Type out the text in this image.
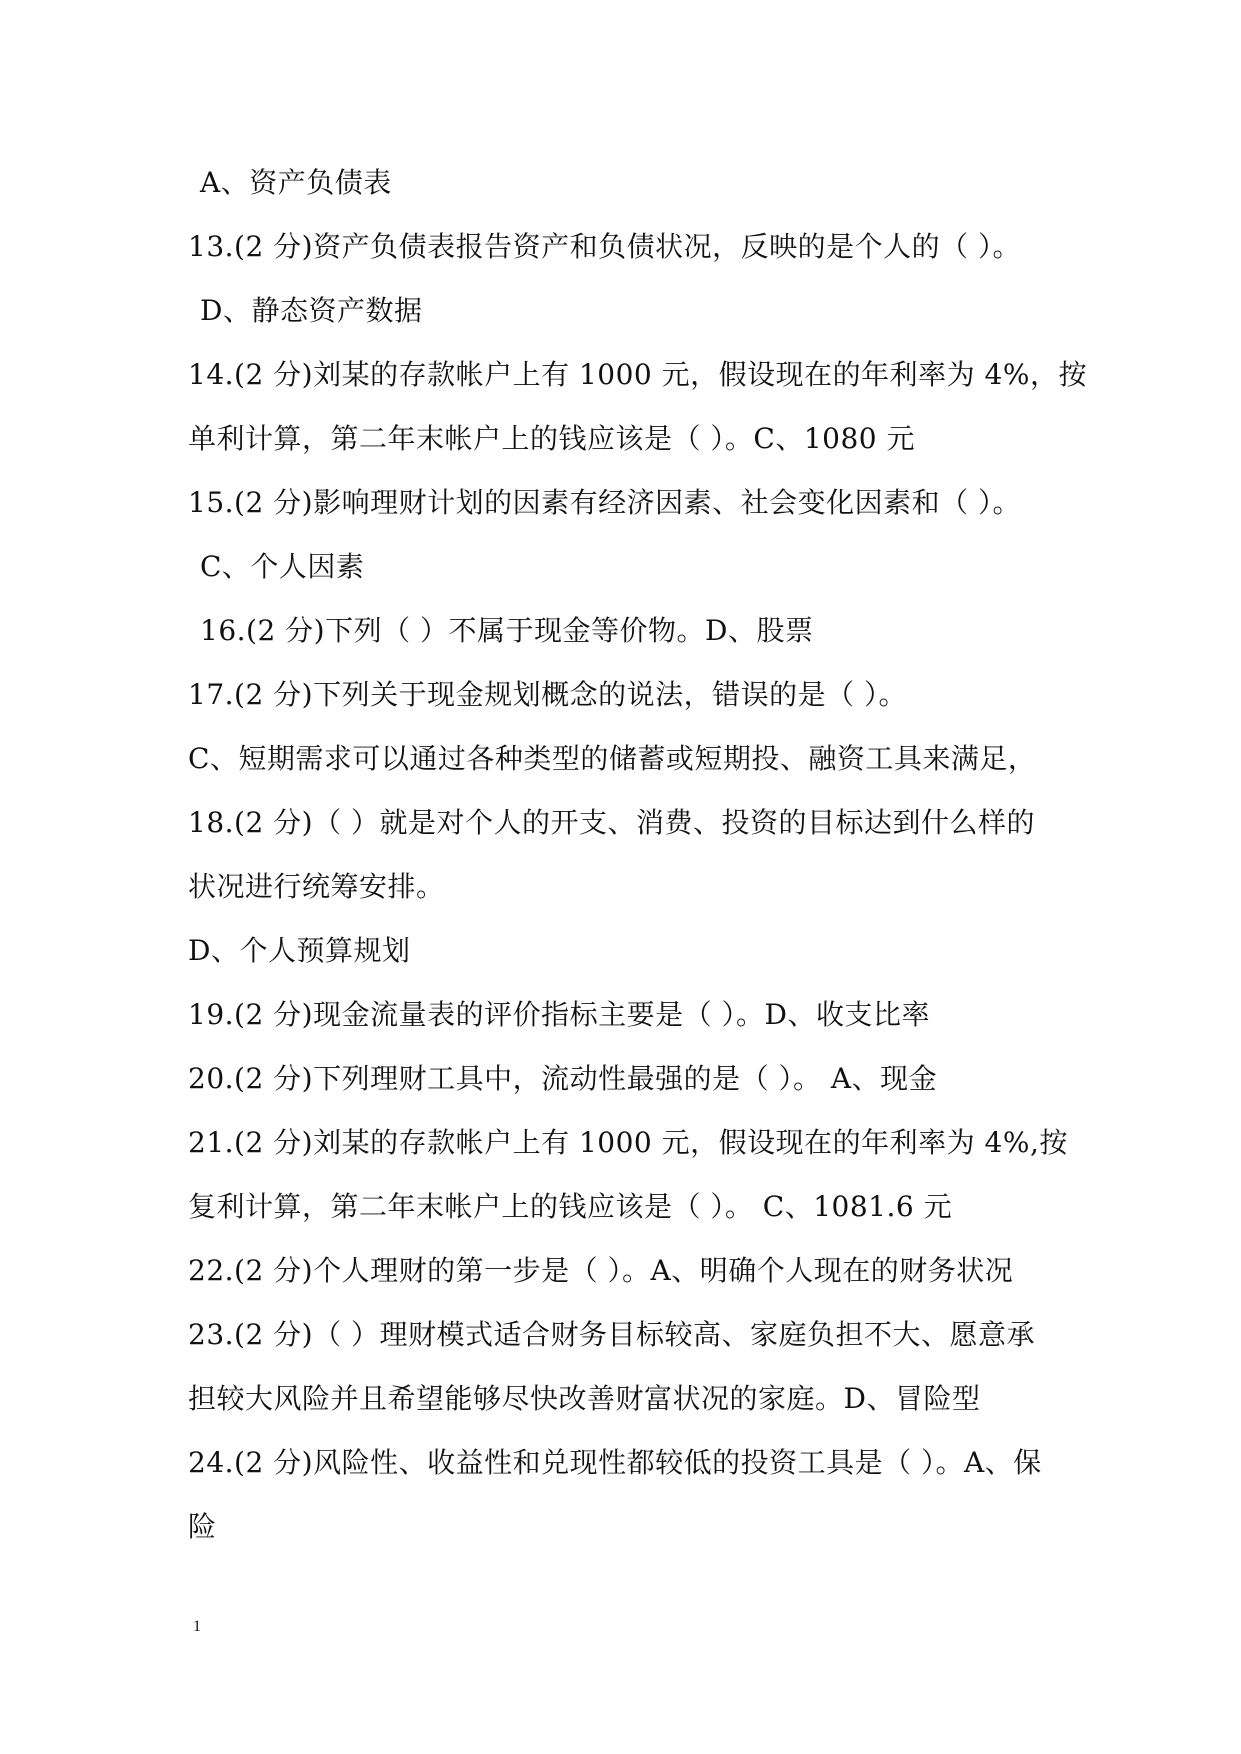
A、资产负债表
13.(2 分)资产负债表报告资产和负债状况，反映的是个人的（ ）。
D、静态资产数据
14.(2 分)刘某的存款帐户上有 1000 元，假设现在的年利率为 4%，按
单利计算，第二年末帐户上的钱应该是（ ）。C、1080 元
15.(2 分)影响理财计划的因素有经济因素、社会变化因素和（ ）。
C、个人因素
16.(2 分)下列（ ）不属于现金等价物。D、股票
17.(2 分)下列关于现金规划概念的说法，错误的是（ ）。
C、短期需求可以通过各种类型的储蓄或短期投、融资工具来满足，
18.(2 分)（ ）就是对个人的开支、消费、投资的目标达到什么样的
状况进行统筹安排。
D、个人预算规划
19.(2 分)现金流量表的评价指标主要是（ ）。D、收支比率
20.(2 分)下列理财工具中，流动性最强的是（ ）。 A、现金
21.(2 分)刘某的存款帐户上有 1000 元，假设现在的年利率为 4%,按
复利计算，第二年末帐户上的钱应该是（ ）。 C、1081.6 元
22.(2 分)个人理财的第一步是（ ）。A、明确个人现在的财务状况
23.(2 分)（ ）理财模式适合财务目标较高、家庭负担不大、愿意承
担较大风险并且希望能够尽快改善财富状况的家庭。D、冒险型
24.(2 分)风险性、收益性和兑现性都较低的投资工具是（ ）。A、保
险
1
